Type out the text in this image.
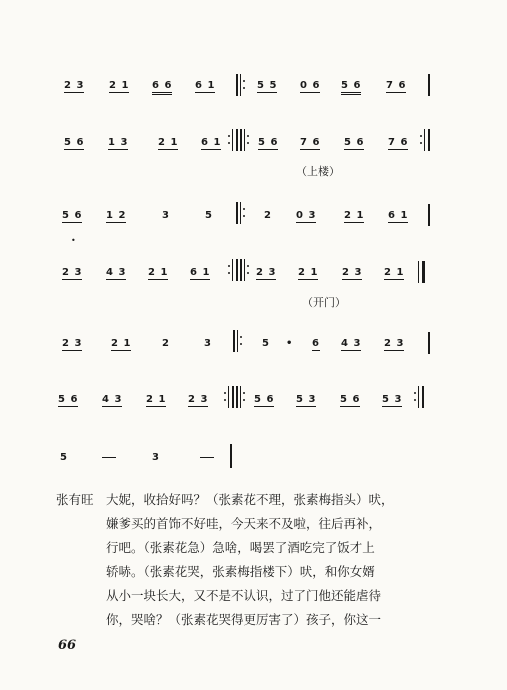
2 3 2 1 6 6 6 1	5 5 0 6 5 6 7 6
5 6 1 3	2 1 6 1	5 6 7 6 5 6 7 6
（上楼）
5 6 1 2	3	5	2 0 3	2 1 6 1
•
2 3 4 3 2 1 6 1	2 3 2 1 2 3 2 1
（开门）
2 3	2 1	2	3	5 • 6 4 3 2 3
5 6 4 3 2 1 2 3	5 6 5 3 5 6 5 3
5	3
张有旺 大妮，收拾好吗？（张素花不理，张素梅指头）吠，
嫌爹买的首饰不好哇，今天来不及啦，往后再补，
行吧。（张素花急）急啥，喝罢了酒吃完了饭才上
轿哧。（张素花哭，张素梅指楼下）吠，和你女婿
从小一块长大，又不是不认识，过了门他还能虐待
你，哭啥？（张素花哭得更厉害了）孩子，你这一
66
